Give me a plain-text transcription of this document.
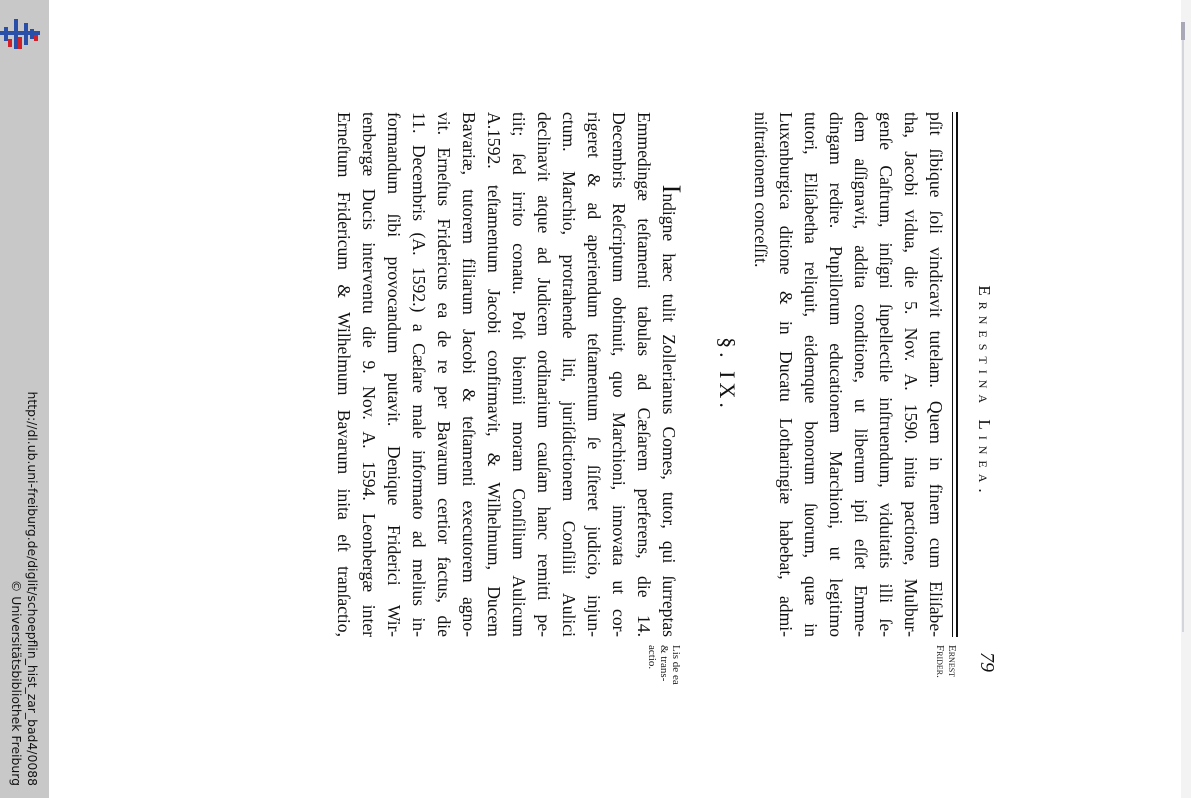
http://dl.ub.uni-freiburg.de/diglit/schoepflin_hist_zar_bad4/0088
© Universitätsbibliothek Freiburg
Ernestina Linea.
79
Ernest
Frider.
pſit ſibique ſoli vindicavit tutelam. Quem in finem cum Eliſabe-
tha, Jacobi vidua, die 5. Nov. A. 1590. inita pactione, Mulbur-
genſe Caſtrum, inſigni ſupellectile inſtruendum, viduitatis illi ſe-
dem aſſignavit, addita conditione, ut liberum ipſi eſſet Emme-
dingam redire. Pupillorum educationem Marchioni, ut legitimo
tutori, Eliſabetha reliquit, eidemque bonorum ſuorum, quæ in
Luxenburgica ditione & in Ducatu Lotharingiæ habebat, admi-
niſtrationem conceſſit.
§. IX.
Lis de ea
& trans-
actio.
Indigne hæc tulit Zollerianus Comes, tutor, qui ſurreptas
Emmedingæ teſtamenti tabulas ad Cæſarem perferens, die 14.
Decembris Reſcriptum obtinuit, quo Marchioni, innovata ut cor-
rigeret & ad aperiendum teſtamentum ſe ſiſteret judicio, injun-
ctum. Marchio, protrahende liti, juriſdictionem Conſilii Aulici
declinavit atque ad Judicem ordinarium cauſam hanc remitti pe-
tiit; ſed irrito conatu. Poſt biennii moram Conſilium Aulicum
A.1592. teſtamentum Jacobi confirmavit, & Wilhelmum, Ducem
Bavariæ, tutorem filiarum Jacobi & teſtamenti executorem agno-
vit. Erneſtus Fridericus ea de re per Bavarum certior factus, die
11. Decembris (A. 1592.) a Cæſare male informato ad melius in-
formandum ſibi provocandum putavit. Denique Friderici Wir-
tenbergæ Ducis interventu die 9. Nov. A. 1594. Leonbergæ inter
Erneſtum Fridericum & Wilhelmum Bavarum inita eſt tranſactio,
